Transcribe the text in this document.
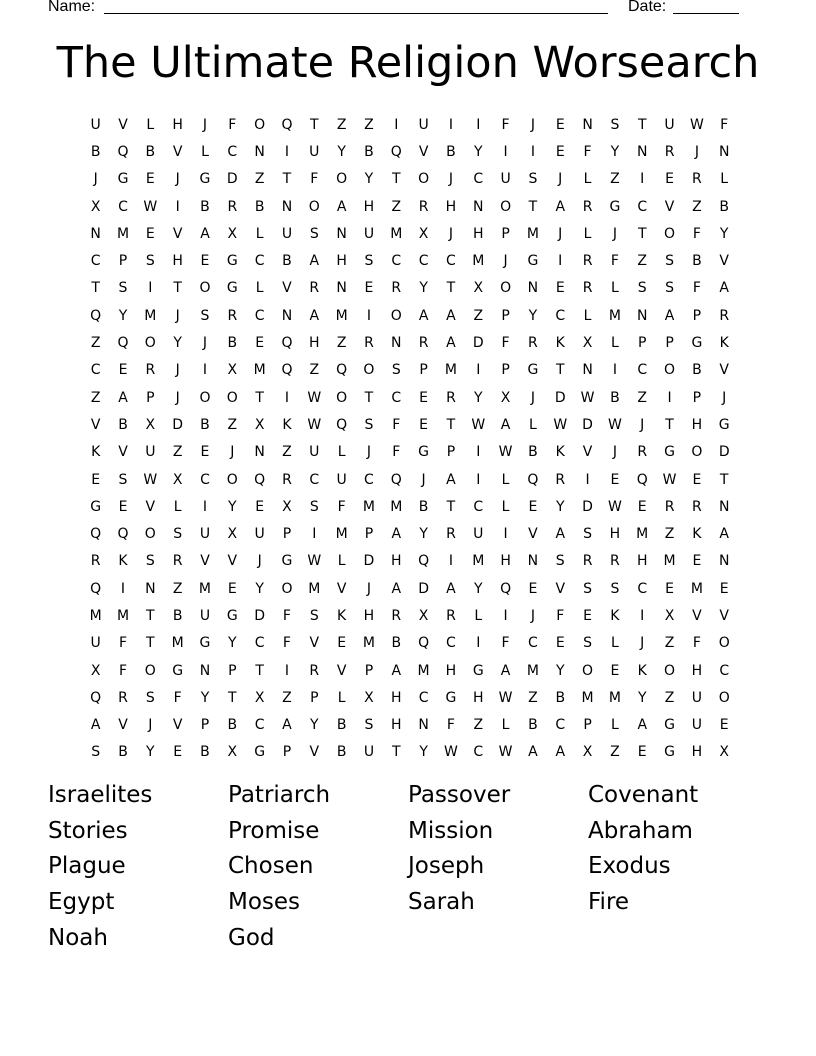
Name:	Date:
The Ultimate Religion Worsearch
U	V	L	H	J	F	O	Q	T	Z	Z	I	U	I	I	F	J	E	N	S	T	U	W	F
B	Q	B	V	L	C	N	I	U	Y	B	Q	V	B	Y	I	I	E	F	Y	N	R	J	N
J	G	E	J	G	D	Z	T	F	O	Y	T	O	J	C	U	S	J	L	Z	I	E	R	L
X	C	W	I	B	R	B	N	O	A	H	Z	R	H	N	O	T	A	R	G	C	V	Z	B
N	M	E	V	A	X	L	U	S	N	U	M	X	J	H	P	M	J	L	J	T	O	F	Y
C	P	S	H	E	G	C	B	A	H	S	C	C	C	M	J	G	I	R	F	Z	S	B	V
T	S	I	T	O	G	L	V	R	N	E	R	Y	T	X	O	N	E	R	L	S	S	F	A
Q	Y	M	J	S	R	C	N	A	M	I	O	A	A	Z	P	Y	C	L	M	N	A	P	R
Z	Q	O	Y	J	B	E	Q	H	Z	R	N	R	A	D	F	R	K	X	L	P	P	G	K
C	E	R	J	I	X	M	Q	Z	Q	O	S	P	M	I	P	G	T	N	I	C	O	B	V
Z	A	P	J	O	O	T	I	W	O	T	C	E	R	Y	X	J	D	W	B	Z	I	P	J
V	B	X	D	B	Z	X	K	W	Q	S	F	E	T	W	A	L	W	D	W	J	T	H	G
K	V	U	Z	E	J	N	Z	U	L	J	F	G	P	I	W	B	K	V	J	R	G	O	D
E	S	W	X	C	O	Q	R	C	U	C	Q	J	A	I	L	Q	R	I	E	Q	W	E	T
G	E	V	L	I	Y	E	X	S	F	M	M	B	T	C	L	E	Y	D	W	E	R	R	N
Q	Q	O	S	U	X	U	P	I	M	P	A	Y	R	U	I	V	A	S	H	M	Z	K	A
R	K	S	R	V	V	J	G	W	L	D	H	Q	I	M	H	N	S	R	R	H	M	E	N
Q	I	N	Z	M	E	Y	O	M	V	J	A	D	A	Y	Q	E	V	S	S	C	E	M	E
M	M	T	B	U	G	D	F	S	K	H	R	X	R	L	I	J	F	E	K	I	X	V	V
U	F	T	M	G	Y	C	F	V	E	M	B	Q	C	I	F	C	E	S	L	J	Z	F	O
X	F	O	G	N	P	T	I	R	V	P	A	M	H	G	A	M	Y	O	E	K	O	H	C
Q	R	S	F	Y	T	X	Z	P	L	X	H	C	G	H	W	Z	B	M	M	Y	Z	U	O
A	V	J	V	P	B	C	A	Y	B	S	H	N	F	Z	L	B	C	P	L	A	G	U	E
S	B	Y	E	B	X	G	P	V	B	U	T	Y	W	C	W	A	A	X	Z	E	G	H	X
Israelites	Patriarch	Passover	Covenant
Stories	Promise	Mission	Abraham
Plague	Chosen	Joseph	Exodus
Egypt	Moses	Sarah	Fire
Noah	God
